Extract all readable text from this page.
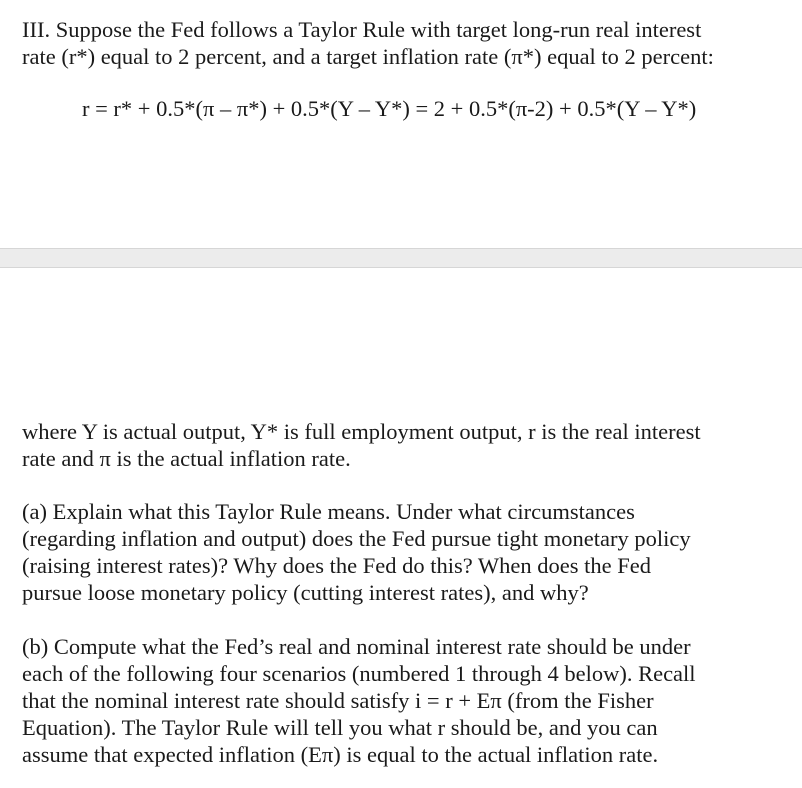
III. Suppose the Fed follows a Taylor Rule with target long-run real interest

rate (r*) equal to 2 percent, and a target inflation rate (π*) equal to 2 percent:

r = r* + 0.5*(π – π*) + 0.5*(Y – Y*) = 2 + 0.5*(π-2) + 0.5*(Y – Y*)

where Y is actual output, Y* is full employment output, r is the real interest

rate and π is the actual inflation rate.

(a) Explain what this Taylor Rule means. Under what circumstances

(regarding inflation and output) does the Fed pursue tight monetary policy

(raising interest rates)? Why does the Fed do this? When does the Fed

pursue loose monetary policy (cutting interest rates), and why?

(b) Compute what the Fed’s real and nominal interest rate should be under

each of the following four scenarios (numbered 1 through 4 below). Recall

that the nominal interest rate should satisfy i = r + Eπ (from the Fisher

Equation). The Taylor Rule will tell you what r should be, and you can

assume that expected inflation (Eπ) is equal to the actual inflation rate.
